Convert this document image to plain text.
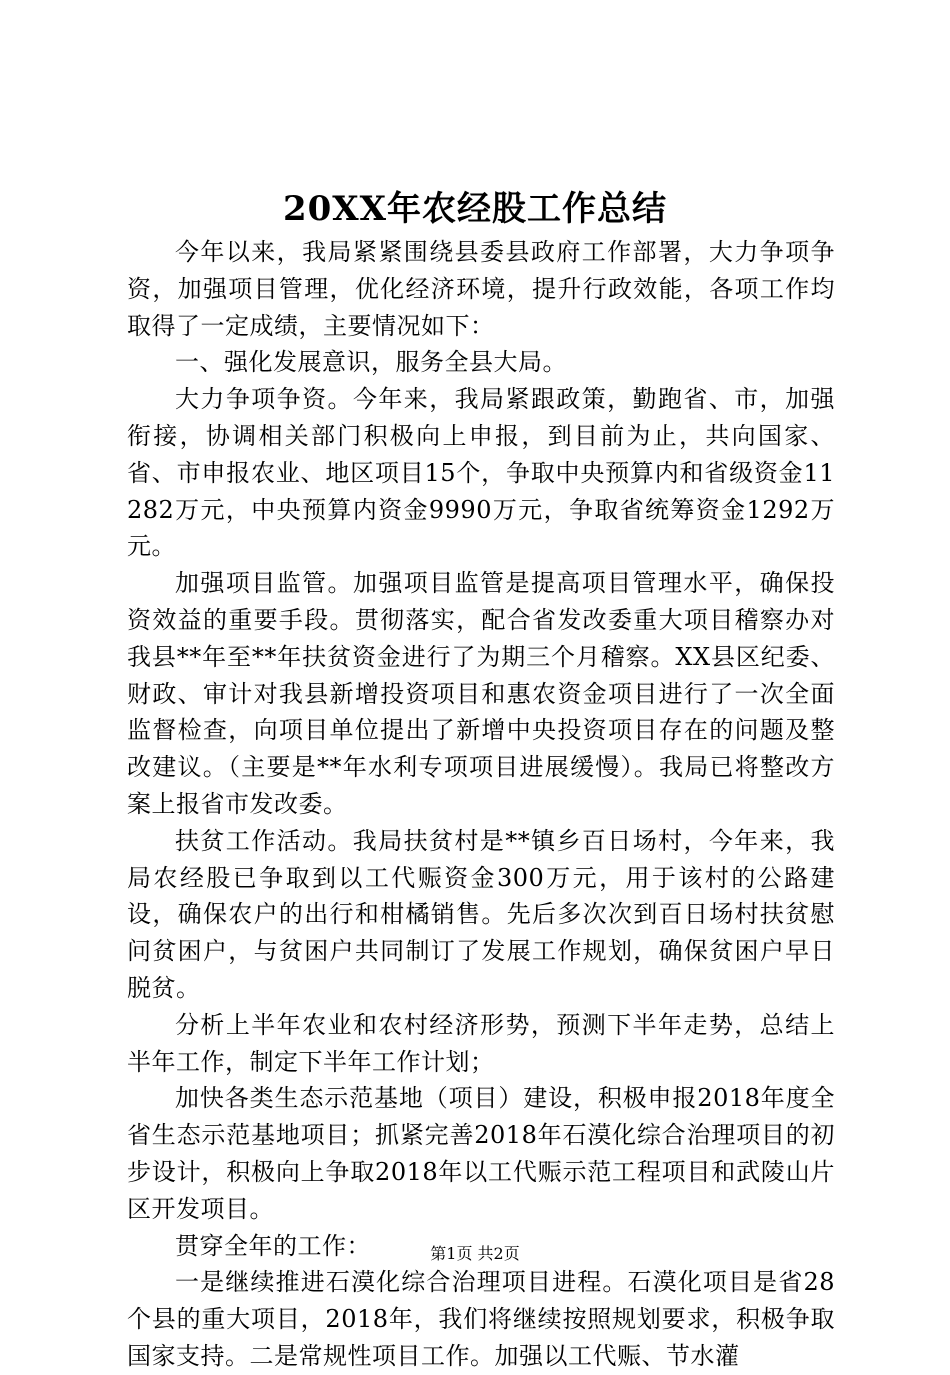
20XX年农经股工作总结

今年以来，我局紧紧围绕县委县政府工作部署，大力争项争资，加强项目管理，优化经济环境，提升行政效能，各项工作均取得了一定成绩，主要情况如下：

一、强化发展意识，服务全县大局。

大力争项争资。今年来，我局紧跟政策，勤跑省、市，加强衔接，协调相关部门积极向上申报，到目前为止，共向国家、省、市申报农业、地区项目15个，争取中央预算内和省级资金11282万元，中央预算内资金9990万元，争取省统筹资金1292万元。

加强项目监管。加强项目监管是提高项目管理水平，确保投资效益的重要手段。贯彻落实，配合省发改委重大项目稽察办对我县**年至**年扶贫资金进行了为期三个月稽察。XX县区纪委、财政、审计对我县新增投资项目和惠农资金项目进行了一次全面监督检查，向项目单位提出了新增中央投资项目存在的问题及整改建议。（主要是**年水利专项项目进展缓慢）。我局已将整改方案上报省市发改委。

扶贫工作活动。我局扶贫村是**镇乡百日场村，今年来，我局农经股已争取到以工代赈资金300万元，用于该村的公路建设，确保农户的出行和柑橘销售。先后多次次到百日场村扶贫慰问贫困户，与贫困户共同制订了发展工作规划，确保贫困户早日脱贫。

分析上半年农业和农村经济形势，预测下半年走势，总结上半年工作，制定下半年工作计划；

加快各类生态示范基地（项目）建设，积极申报2018年度全省生态示范基地项目；抓紧完善2018年石漠化综合治理项目的初步设计，积极向上争取2018年以工代赈示范工程项目和武陵山片区开发项目。

贯穿全年的工作：

一是继续推进石漠化综合治理项目进程。石漠化项目是省28个县的重大项目，2018年，我们将继续按照规划要求，积极争取国家支持。二是常规性项目工作。加强以工代赈、节水灌

第1页 共2页
